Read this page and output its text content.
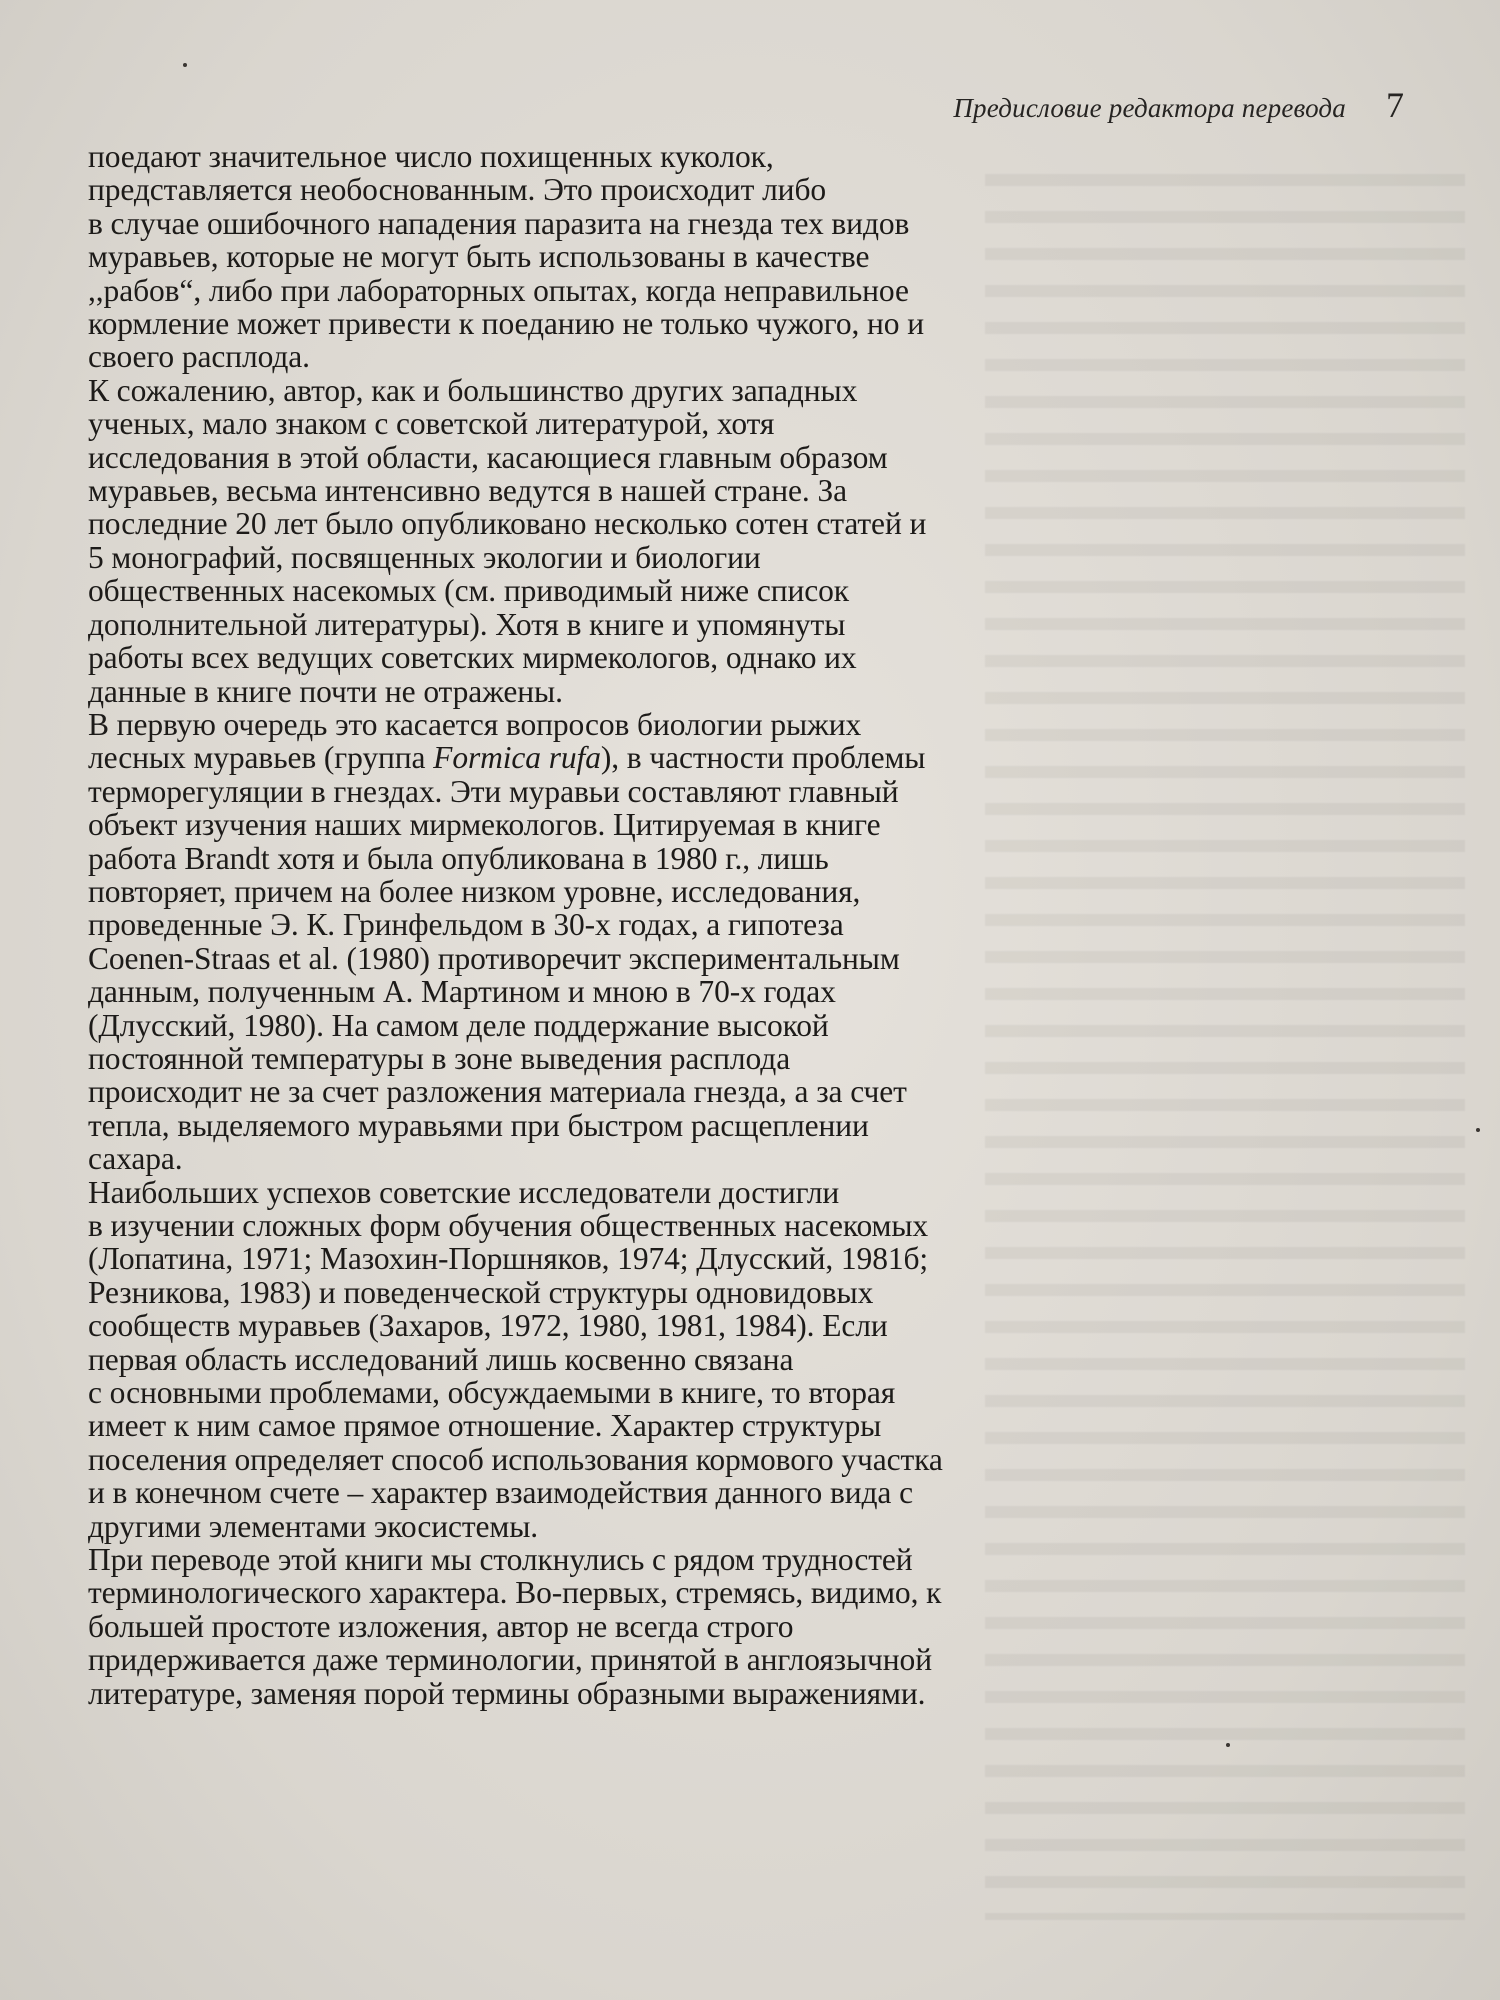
Предисловие редактора перевода 7

поедают значительное число похищенных куколок,
представляется необоснованным. Это происходит либо
в случае ошибочного нападения паразита на гнезда тех видов
муравьев, которые не могут быть использованы в качестве
,,рабов“, либо при лабораторных опытах, когда неправильное
кормление может привести к поеданию не только чужого, но и
своего расплода.

К сожалению, автор, как и большинство других западных
ученых, мало знаком с советской литературой, хотя
исследования в этой области, касающиеся главным образом
муравьев, весьма интенсивно ведутся в нашей стране. За
последние 20 лет было опубликовано несколько сотен статей и
5 монографий, посвященных экологии и биологии
общественных насекомых (см. приводимый ниже список
дополнительной литературы). Хотя в книге и упомянуты
работы всех ведущих советских мирмекологов, однако их
данные в книге почти не отражены.

В первую очередь это касается вопросов биологии рыжих
лесных муравьев (группа Formica rufa), в частности проблемы
терморегуляции в гнездах. Эти муравьи составляют главный
объект изучения наших мирмекологов. Цитируемая в книге
работа Brandt хотя и была опубликована в 1980 г., лишь
повторяет, причем на более низком уровне, исследования,
проведенные Э. К. Гринфельдом в 30-х годах, а гипотеза
Coenen-Straas et al. (1980) противоречит экспериментальным
данным, полученным А. Мартином и мною в 70-х годах
(Длусский, 1980). На самом деле поддержание высокой
постоянной температуры в зоне выведения расплода
происходит не за счет разложения материала гнезда, а за счет
тепла, выделяемого муравьями при быстром расщеплении
сахара.

Наибольших успехов советские исследователи достигли
в изучении сложных форм обучения общественных насекомых
(Лопатина, 1971; Мазохин-Поршняков, 1974; Длусский, 1981б;
Резникова, 1983) и поведенческой структуры одновидовых
сообществ муравьев (Захаров, 1972, 1980, 1981, 1984). Если
первая область исследований лишь косвенно связана
с основными проблемами, обсуждаемыми в книге, то вторая
имеет к ним самое прямое отношение. Характер структуры
поселения определяет способ использования кормового участка
и в конечном счете – характер взаимодействия данного вида с
другими элементами экосистемы.

При переводе этой книги мы столкнулись с рядом трудностей
терминологического характера. Во-первых, стремясь, видимо, к
большей простоте изложения, автор не всегда строго
придерживается даже терминологии, принятой в англоязычной
литературе, заменяя порой термины образными выражениями.
